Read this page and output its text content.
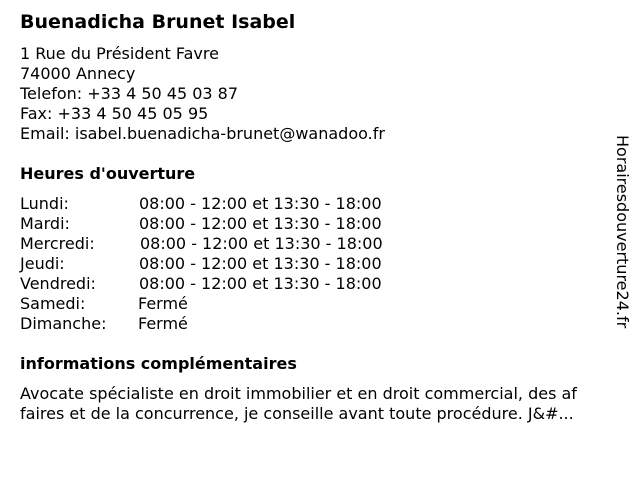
Buenadicha Brunet Isabel
1 Rue du Président Favre
74000 Annecy
Telefon: +33 4 50 45 03 87
Fax: +33 4 50 45 05 95
Email: isabel.buenadicha-brunet@wanadoo.fr
Heures d'ouverture
Lundi:	08:00 - 12:00 et 13:30 - 18:00
Mardi:	08:00 - 12:00 et 13:30 - 18:00
Mercredi:	08:00 - 12:00 et 13:30 - 18:00
Jeudi:	08:00 - 12:00 et 13:30 - 18:00
Vendredi:	08:00 - 12:00 et 13:30 - 18:00
Samedi:	Fermé
Dimanche: Fermé
informations complémentaires
Avocate spécialiste en droit immobilier et en droit commercial, des af
faires et de la concurrence, je conseille avant toute procédure. J&#...
Horairesdouverture24.fr
